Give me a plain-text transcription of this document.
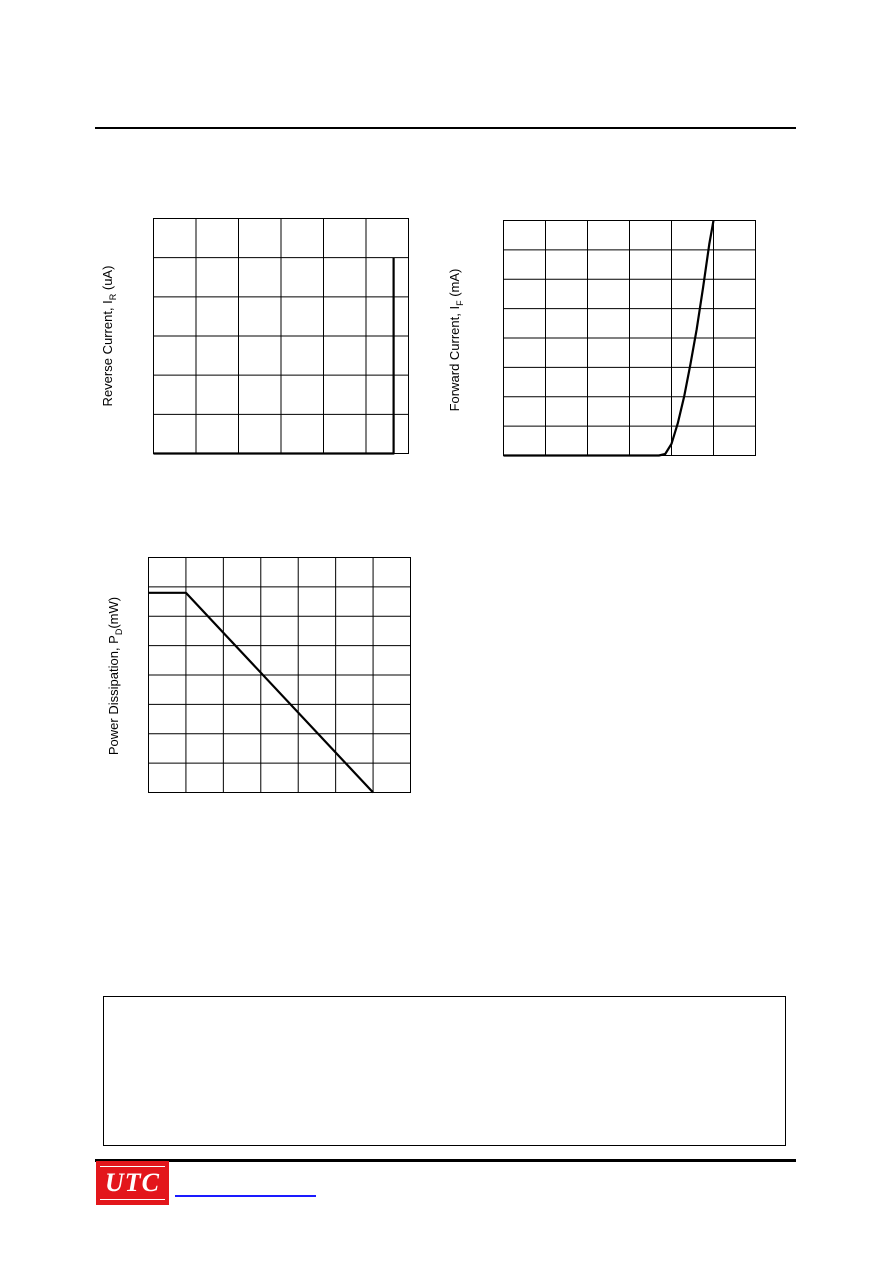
Reverse Current, $I_R$ (uA)
Forward Current, $I_F$ (mA)
Power Dissipation, $P_D(mW)$
UTC
